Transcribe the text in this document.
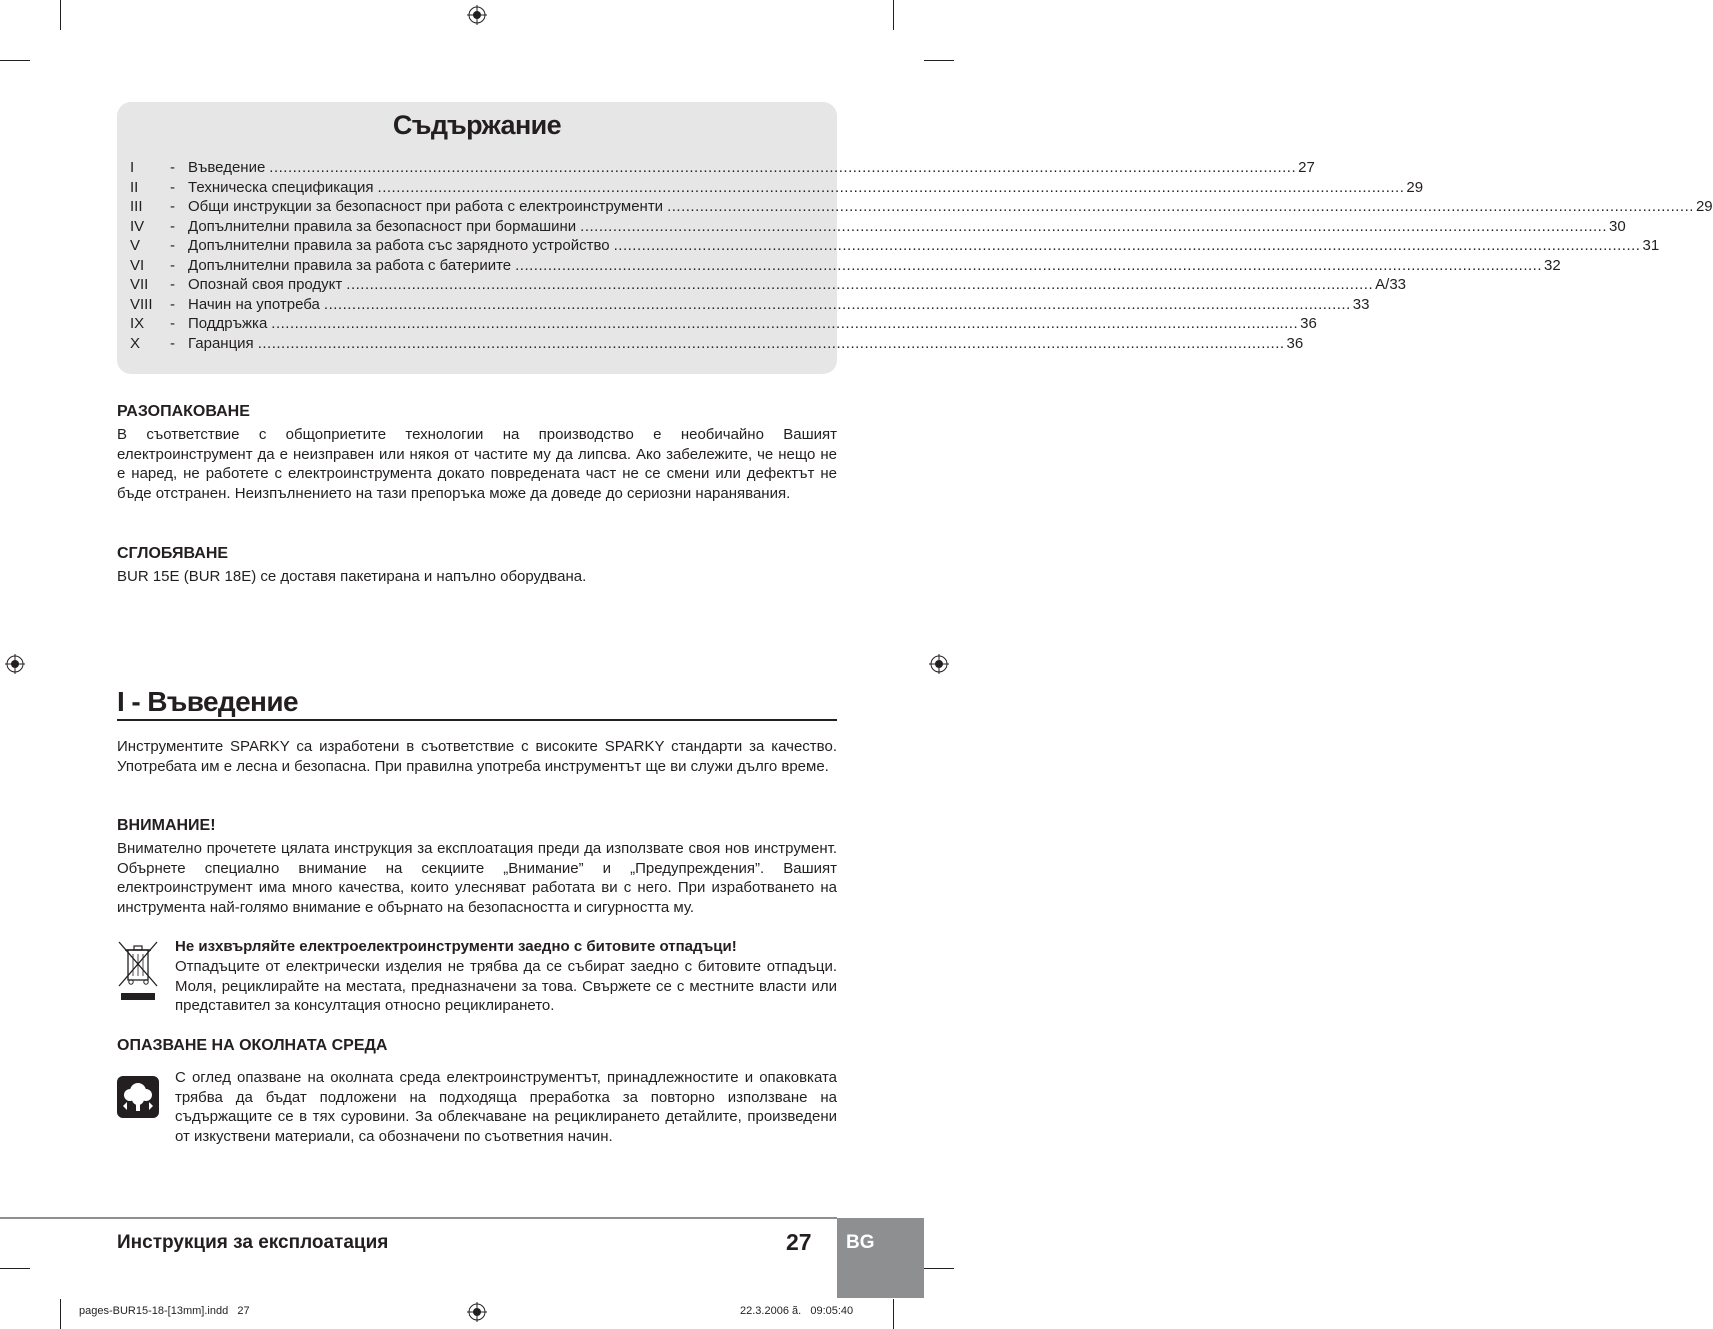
Съдържание
I	- Въведение ............................................................................................................................................................................................................................ 27
II	- Техническа спецификация ............................................................................................................................................................................................................................ 29
III	- Общи инструкции за безопасност при работа с електроинструменти ............................................................................................................................................................................................................................ 29
IV	- Допълнителни правила за безопасност при бормашини ............................................................................................................................................................................................................................ 30
V	- Допълнителни правила за работа със зарядното устройство ............................................................................................................................................................................................................................ 31
VI	- Допълнителни правила за работа с батериите ............................................................................................................................................................................................................................ 32
VII	- Опознай своя продукт ............................................................................................................................................................................................................................ A/33
VIII	- Начин на употреба ............................................................................................................................................................................................................................ 33
IX	- Поддръжка ............................................................................................................................................................................................................................ 36
X	- Гаранция ............................................................................................................................................................................................................................ 36
РАЗОПАКОВАНЕ
В съответствие с общоприетите технологии на производство е необичайно Вашият електроинструмент да е неизправен или някоя от частите му да липсва. Ако забележите, че нещо не е наред, не работете с електроинструмента докато повредената част не се смени или дефектът не бъде отстранен. Неизпълнението на тази препоръка може да доведе до сериозни наранявания.
СГЛОБЯВАНЕ
BUR 15E (BUR 18E) се доставя пакетирана и напълно оборудвана.
I - Въведение
Инструментите SPARKY са изработени в съответствие с високите SPARKY стандарти за качество. Употребата им е лесна и безопасна. При правилна употреба инструментът ще ви служи дълго време.
ВНИМАНИЕ!
Внимателно прочетете цялата инструкция за експлоатация преди да използвате своя нов инструмент. Обърнете специално внимание на секциите „Внимание” и „Предупреждения”. Вашият електроинструмент има много качества, които улесняват работата ви с него. При изработването на инструмента най-голямо внимание е обърнато на безопасността и сигурността му.
Не изхвърляйте електроелектроинструменти заедно с битовите отпадъци!
Отпадъците от електрически изделия не трябва да се събират заедно с битовите отпадъци. Моля, рециклирайте на местата, предназначени за това. Свържете се с местните власти или представител за консултация относно рециклирането.
ОПАЗВАНЕ НА ОКОЛНАТА СРЕДА
С оглед опазване на околната среда електроинструментът, принадлежностите и опаковката трябва да бъдат подложени на подходяща преработка за повторно използване на съдържащите се в тях суровини. За облекчаване на рециклирането детайлите, произведени от изкуствени материали, са обозначени по съответния начин.
Инструкция за експлоатация	27 BG
pages-BUR15-18-[13mm].indd   27	22.3.2006 ã.   09:05:40
